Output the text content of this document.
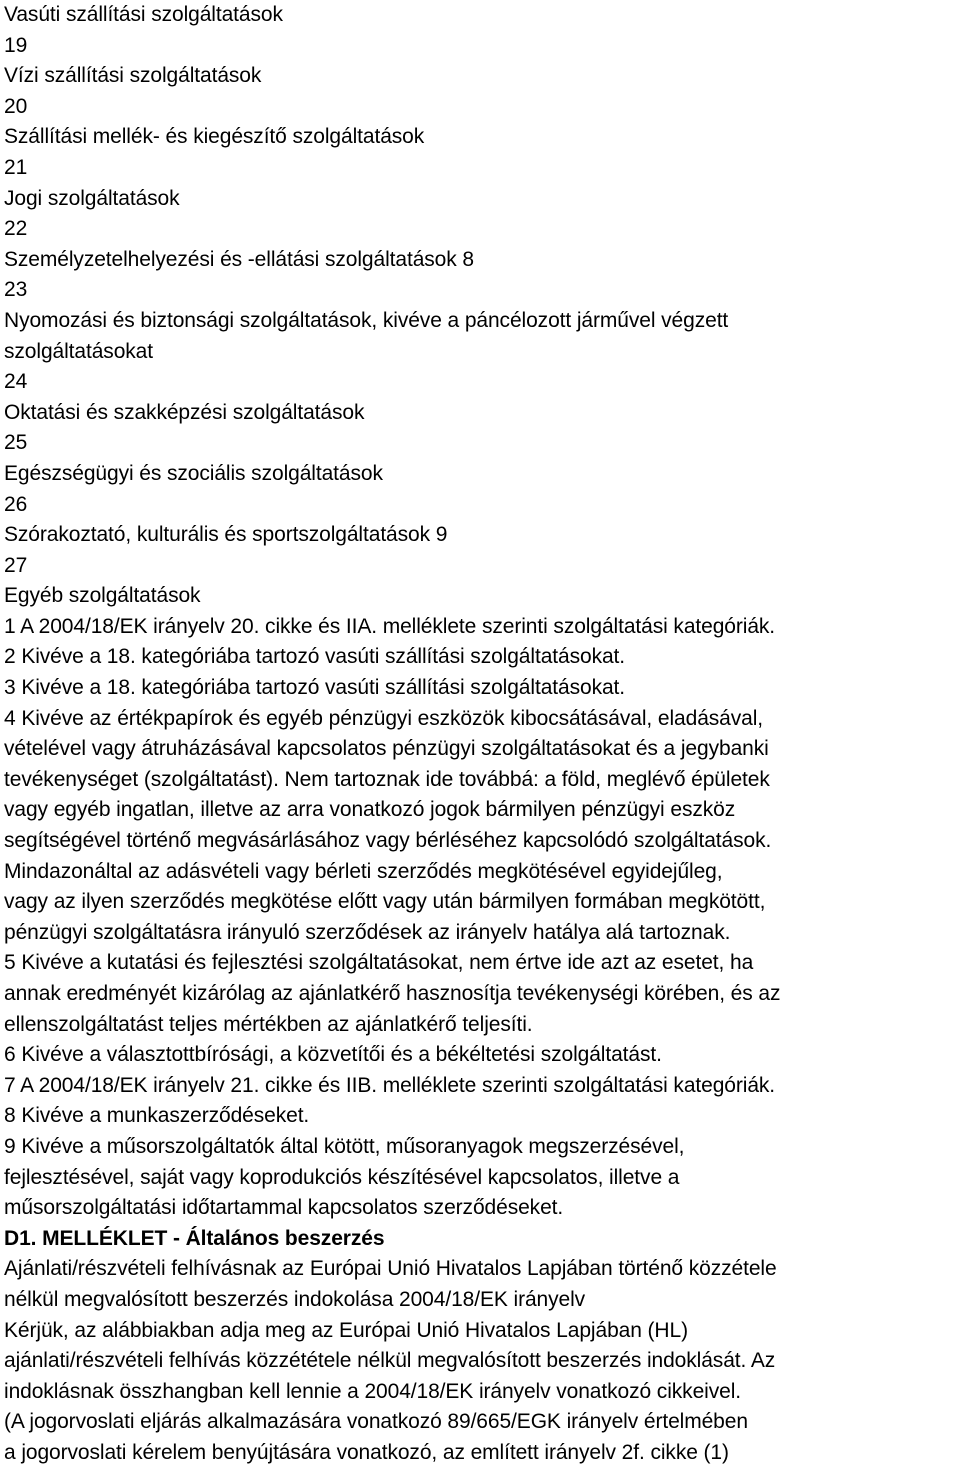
Vasúti szállítási szolgáltatások
19
Vízi szállítási szolgáltatások
20
Szállítási mellék- és kiegészítő szolgáltatások
21
Jogi szolgáltatások
22
Személyzetelhelyezési és -ellátási szolgáltatások 8
23
Nyomozási és biztonsági szolgáltatások, kivéve a páncélozott járművel végzett
szolgáltatásokat
24
Oktatási és szakképzési szolgáltatások
25
Egészségügyi és szociális szolgáltatások
26
Szórakoztató, kulturális és sportszolgáltatások 9
27
Egyéb szolgáltatások
1 A 2004/18/EK irányelv 20. cikke és IIA. melléklete szerinti szolgáltatási kategóriák.
2 Kivéve a 18. kategóriába tartozó vasúti szállítási szolgáltatásokat.
3 Kivéve a 18. kategóriába tartozó vasúti szállítási szolgáltatásokat.
4 Kivéve az értékpapírok és egyéb pénzügyi eszközök kibocsátásával, eladásával,
vételével vagy átruházásával kapcsolatos pénzügyi szolgáltatásokat és a jegybanki
tevékenységet (szolgáltatást). Nem tartoznak ide továbbá: a föld, meglévő épületek
vagy egyéb ingatlan, illetve az arra vonatkozó jogok bármilyen pénzügyi eszköz
segítségével történő megvásárlásához vagy bérléséhez kapcsolódó szolgáltatások.
Mindazonáltal az adásvételi vagy bérleti szerződés megkötésével egyidejűleg,
vagy az ilyen szerződés megkötése előtt vagy után bármilyen formában megkötött,
pénzügyi szolgáltatásra irányuló szerződések az irányelv hatálya alá tartoznak.
5 Kivéve a kutatási és fejlesztési szolgáltatásokat, nem értve ide azt az esetet, ha
annak eredményét kizárólag az ajánlatkérő hasznosítja tevékenységi körében, és az
ellenszolgáltatást teljes mértékben az ajánlatkérő teljesíti.
6 Kivéve a választottbírósági, a közvetítői és a békéltetési szolgáltatást.
7 A 2004/18/EK irányelv 21. cikke és IIB. melléklete szerinti szolgáltatási kategóriák.
8 Kivéve a munkaszerződéseket.
9 Kivéve a műsorszolgáltatók által kötött, műsoranyagok megszerzésével,
fejlesztésével, saját vagy koprodukciós készítésével kapcsolatos, illetve a
műsorszolgáltatási időtartammal kapcsolatos szerződéseket.
D1. MELLÉKLET - Általános beszerzés
Ajánlati/részvételi felhívásnak az Európai Unió Hivatalos Lapjában történő közzétele
nélkül megvalósított beszerzés indokolása 2004/18/EK irányelv
Kérjük, az alábbiakban adja meg az Európai Unió Hivatalos Lapjában (HL)
ajánlati/részvételi felhívás közzététele nélkül megvalósított beszerzés indoklását. Az
indoklásnak összhangban kell lennie a 2004/18/EK irányelv vonatkozó cikkeivel.
(A jogorvoslati eljárás alkalmazására vonatkozó 89/665/EGK irányelv értelmében
a jogorvoslati kérelem benyújtására vonatkozó, az említett irányelv 2f. cikke (1)
